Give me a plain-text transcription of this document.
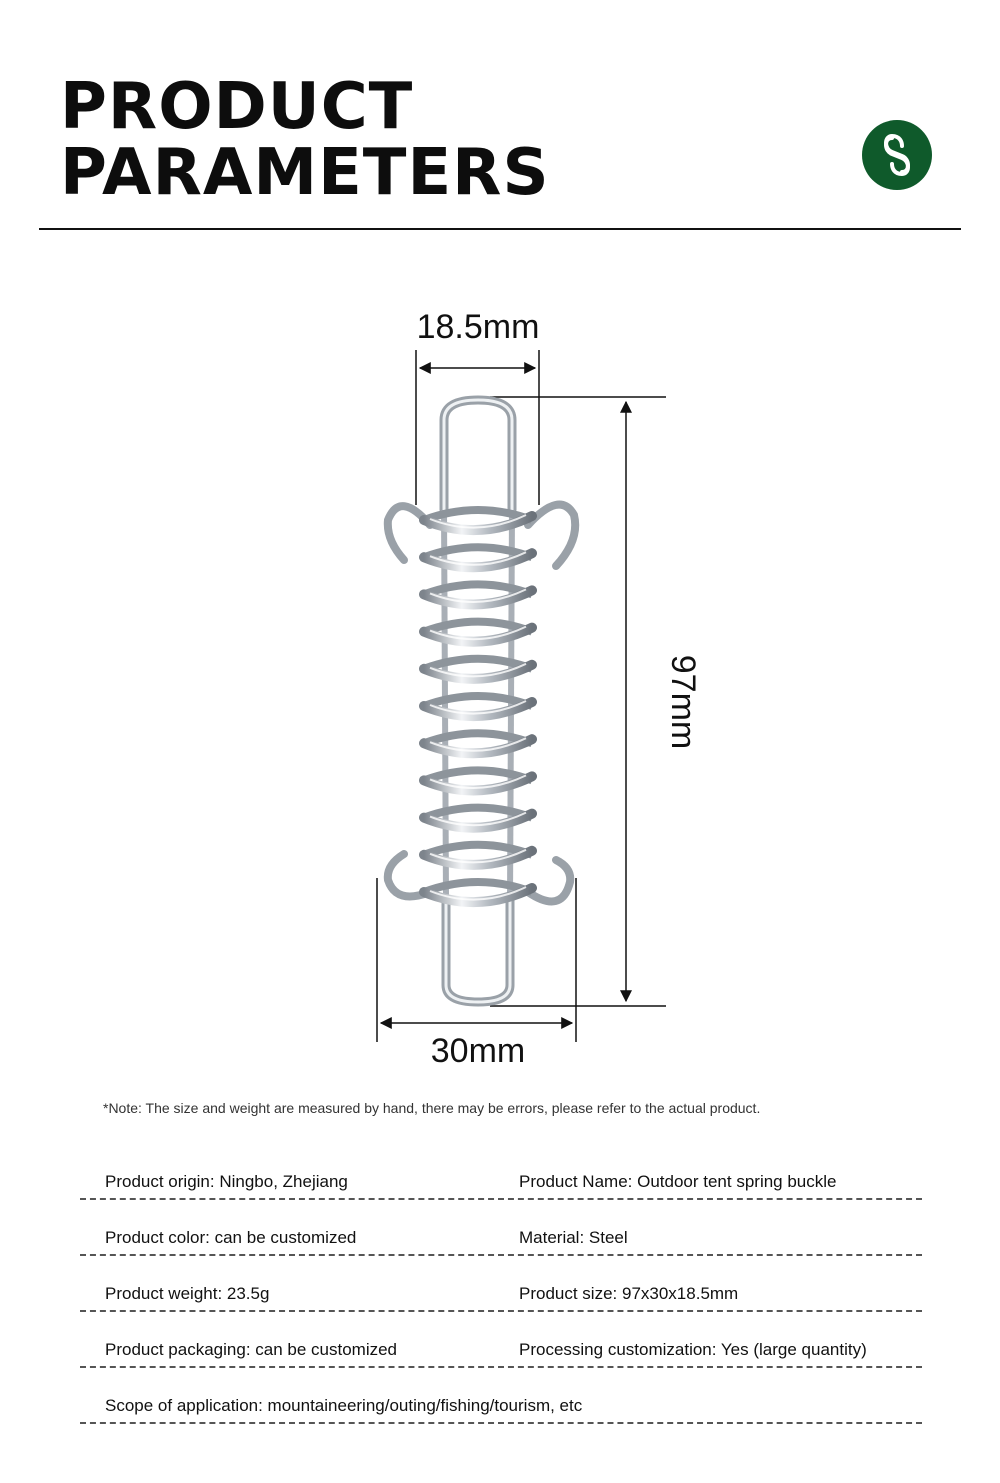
PRODUCT
PARAMETERS
18.5mm
97mm
30mm
*Note: The size and weight are measured by hand, there may be errors, please refer to the actual product.
Product origin: Ningbo, Zhejiang	Product Name: Outdoor tent spring buckle
Product color: can be customized	Material: Steel
Product weight: 23.5g	Product size: 97x30x18.5mm
Product packaging: can be customized	Processing customization: Yes (large quantity)
Scope of application: mountaineering/outing/fishing/tourism, etc
